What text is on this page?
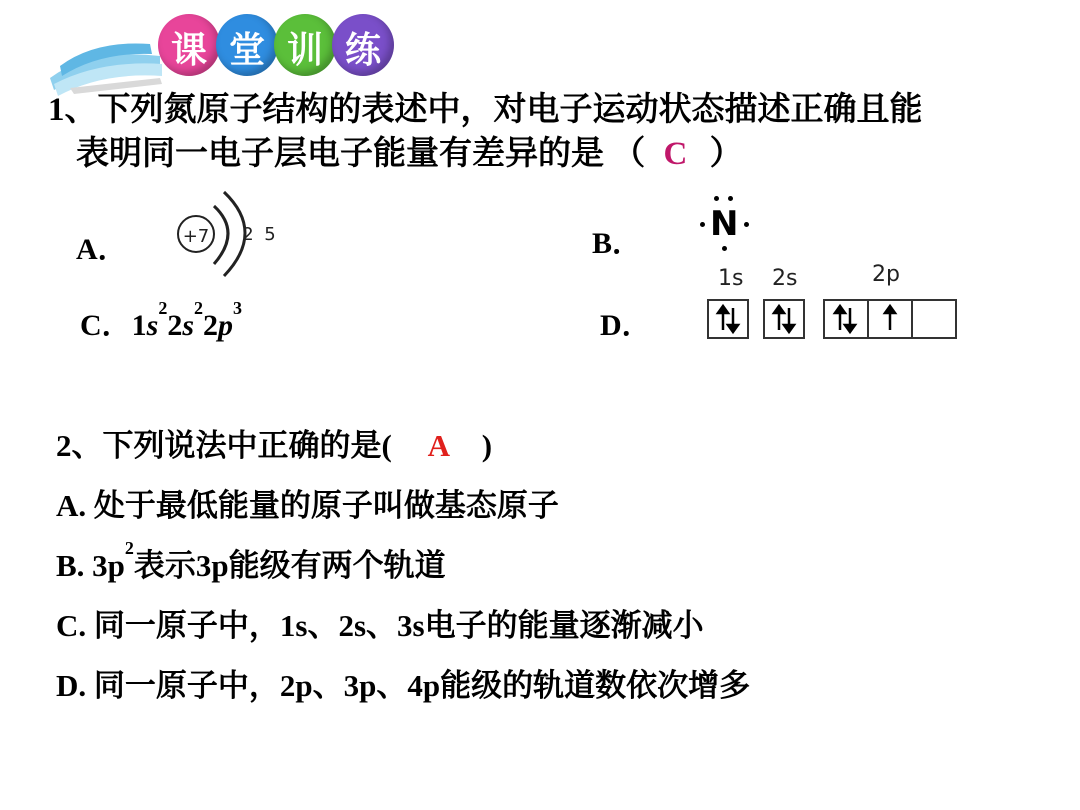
课 堂 训 练
1、下列氮原子结构的表述中，对电子运动状态描述正确且能
表明同一电子层电子能量有差异的是 （ C ）
A．	+7 2 5	B． N
C．$1s^22s^22p^3$
D．
1s 2s	2p
2、下列说法中正确的是( A )
A. 处于最低能量的原子叫做基态原子
B. $3p^2$表示3p能级有两个轨道
C. 同一原子中，1s、2s、3s电子的能量逐渐减小
D. 同一原子中，2p、3p、4p能级的轨道数依次增多
